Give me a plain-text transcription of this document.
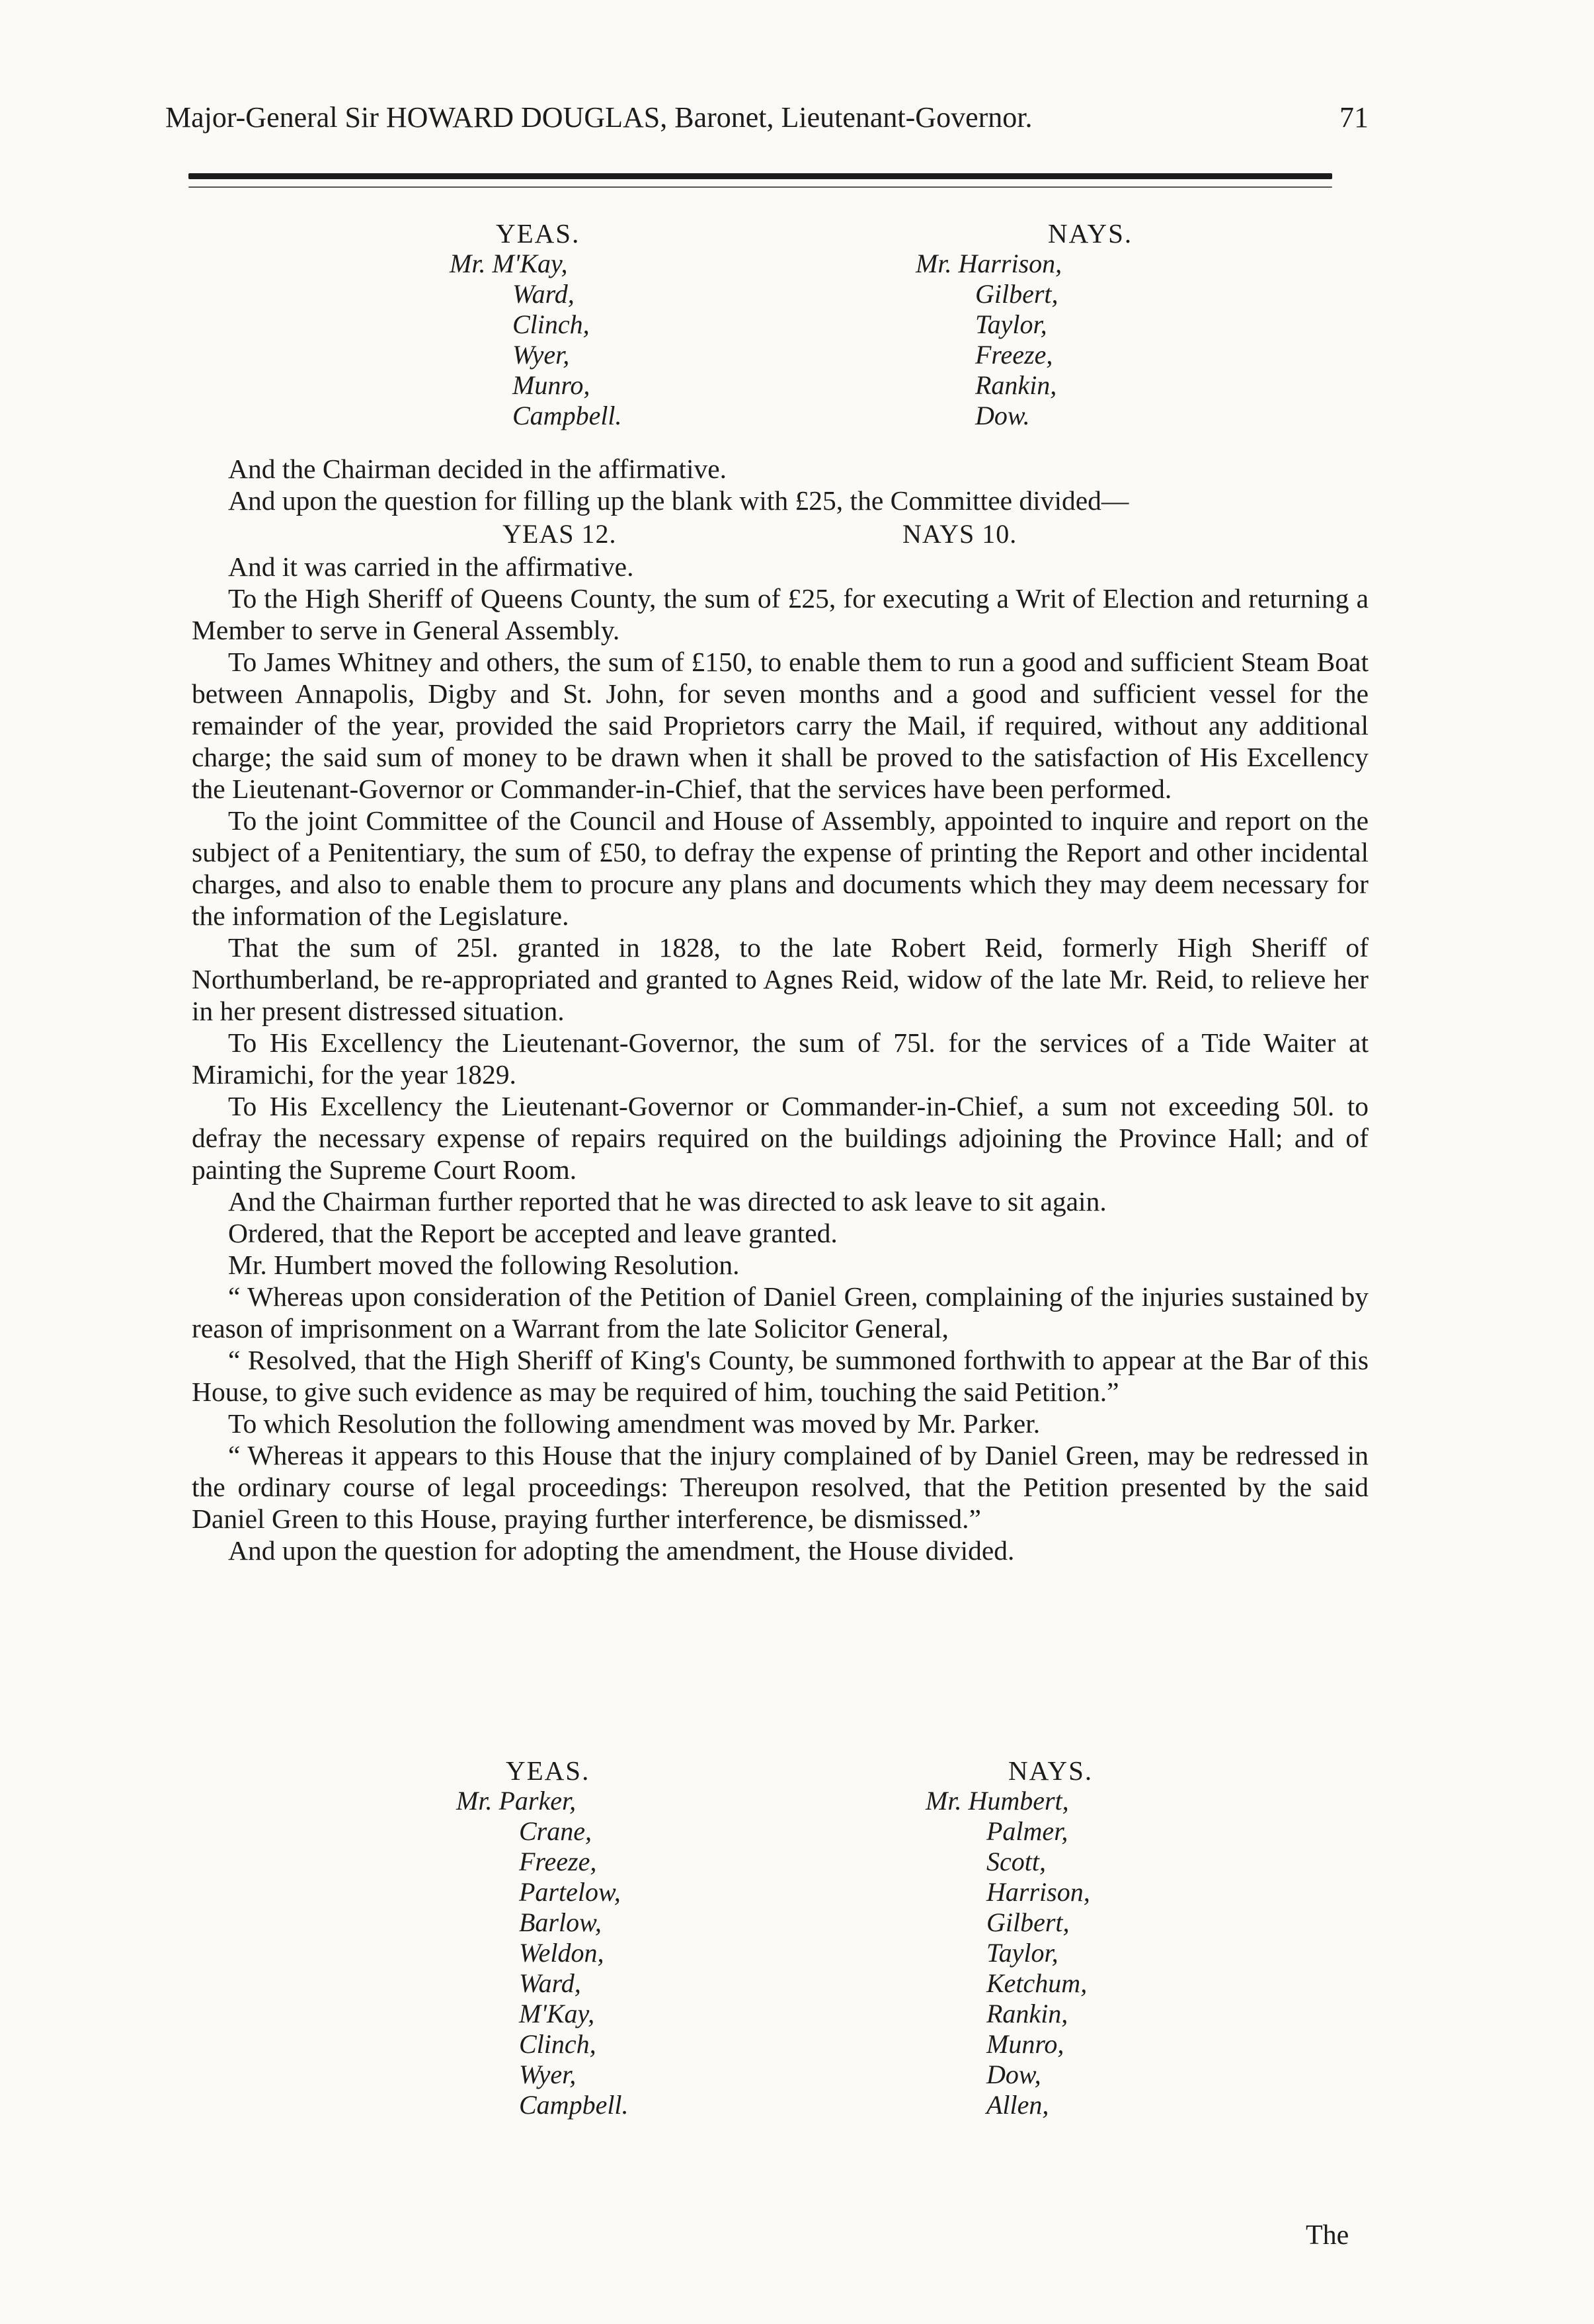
Major-General Sir HOWARD DOUGLAS, Baronet, Lieutenant-Governor.	71
YEAS.
Mr. M'Kay,
Ward,
Clinch,
Wyer,
Munro,
Campbell.
NAYS.
Mr. Harrison,
Gilbert,
Taylor,
Freeze,
Rankin,
Dow.

And the Chairman decided in the affirmative.

And upon the question for filling up the blank with £25, the Committee divided—

YEAS 12.	NAYS 10.

And it was carried in the affirmative.

To the High Sheriff of Queens County, the sum of £25, for executing a Writ of Election and returning a Member to serve in General Assembly.

To James Whitney and others, the sum of £150, to enable them to run a good and sufficient Steam Boat between Annapolis, Digby and St. John, for seven months and a good and sufficient vessel for the remainder of the year, provided the said Proprietors carry the Mail, if required, without any additional charge; the said sum of money to be drawn when it shall be proved to the satisfaction of His Excellency the Lieutenant-Governor or Commander-in-Chief, that the services have been performed.

To the joint Committee of the Council and House of Assembly, appointed to inquire and report on the subject of a Penitentiary, the sum of £50, to defray the expense of printing the Report and other incidental charges, and also to enable them to procure any plans and documents which they may deem necessary for the information of the Legislature.

That the sum of 25l. granted in 1828, to the late Robert Reid, formerly High Sheriff of Northumberland, be re-appropriated and granted to Agnes Reid, widow of the late Mr. Reid, to relieve her in her present distressed situation.

To His Excellency the Lieutenant-Governor, the sum of 75l. for the services of a Tide Waiter at Miramichi, for the year 1829.

To His Excellency the Lieutenant-Governor or Commander-in-Chief, a sum not exceeding 50l. to defray the necessary expense of repairs required on the buildings adjoining the Province Hall; and of painting the Supreme Court Room.

And the Chairman further reported that he was directed to ask leave to sit again.

Ordered, that the Report be accepted and leave granted.

Mr. Humbert moved the following Resolution.

“ Whereas upon consideration of the Petition of Daniel Green, complaining of the injuries sustained by reason of imprisonment on a Warrant from the late Solicitor General,

“ Resolved, that the High Sheriff of King's County, be summoned forthwith to appear at the Bar of this House, to give such evidence as may be required of him, touching the said Petition.”

To which Resolution the following amendment was moved by Mr. Parker.

“ Whereas it appears to this House that the injury complained of by Daniel Green, may be redressed in the ordinary course of legal proceedings: Thereupon resolved, that the Petition presented by the said Daniel Green to this House, praying further interference, be dismissed.”

And upon the question for adopting the amendment, the House divided.

YEAS.
Mr. Parker,
Crane,
Freeze,
Partelow,
Barlow,
Weldon,
Ward,
M'Kay,
Clinch,
Wyer,
Campbell.
NAYS.
Mr. Humbert,
Palmer,
Scott,
Harrison,
Gilbert,
Taylor,
Ketchum,
Rankin,
Munro,
Dow,
Allen,
The
